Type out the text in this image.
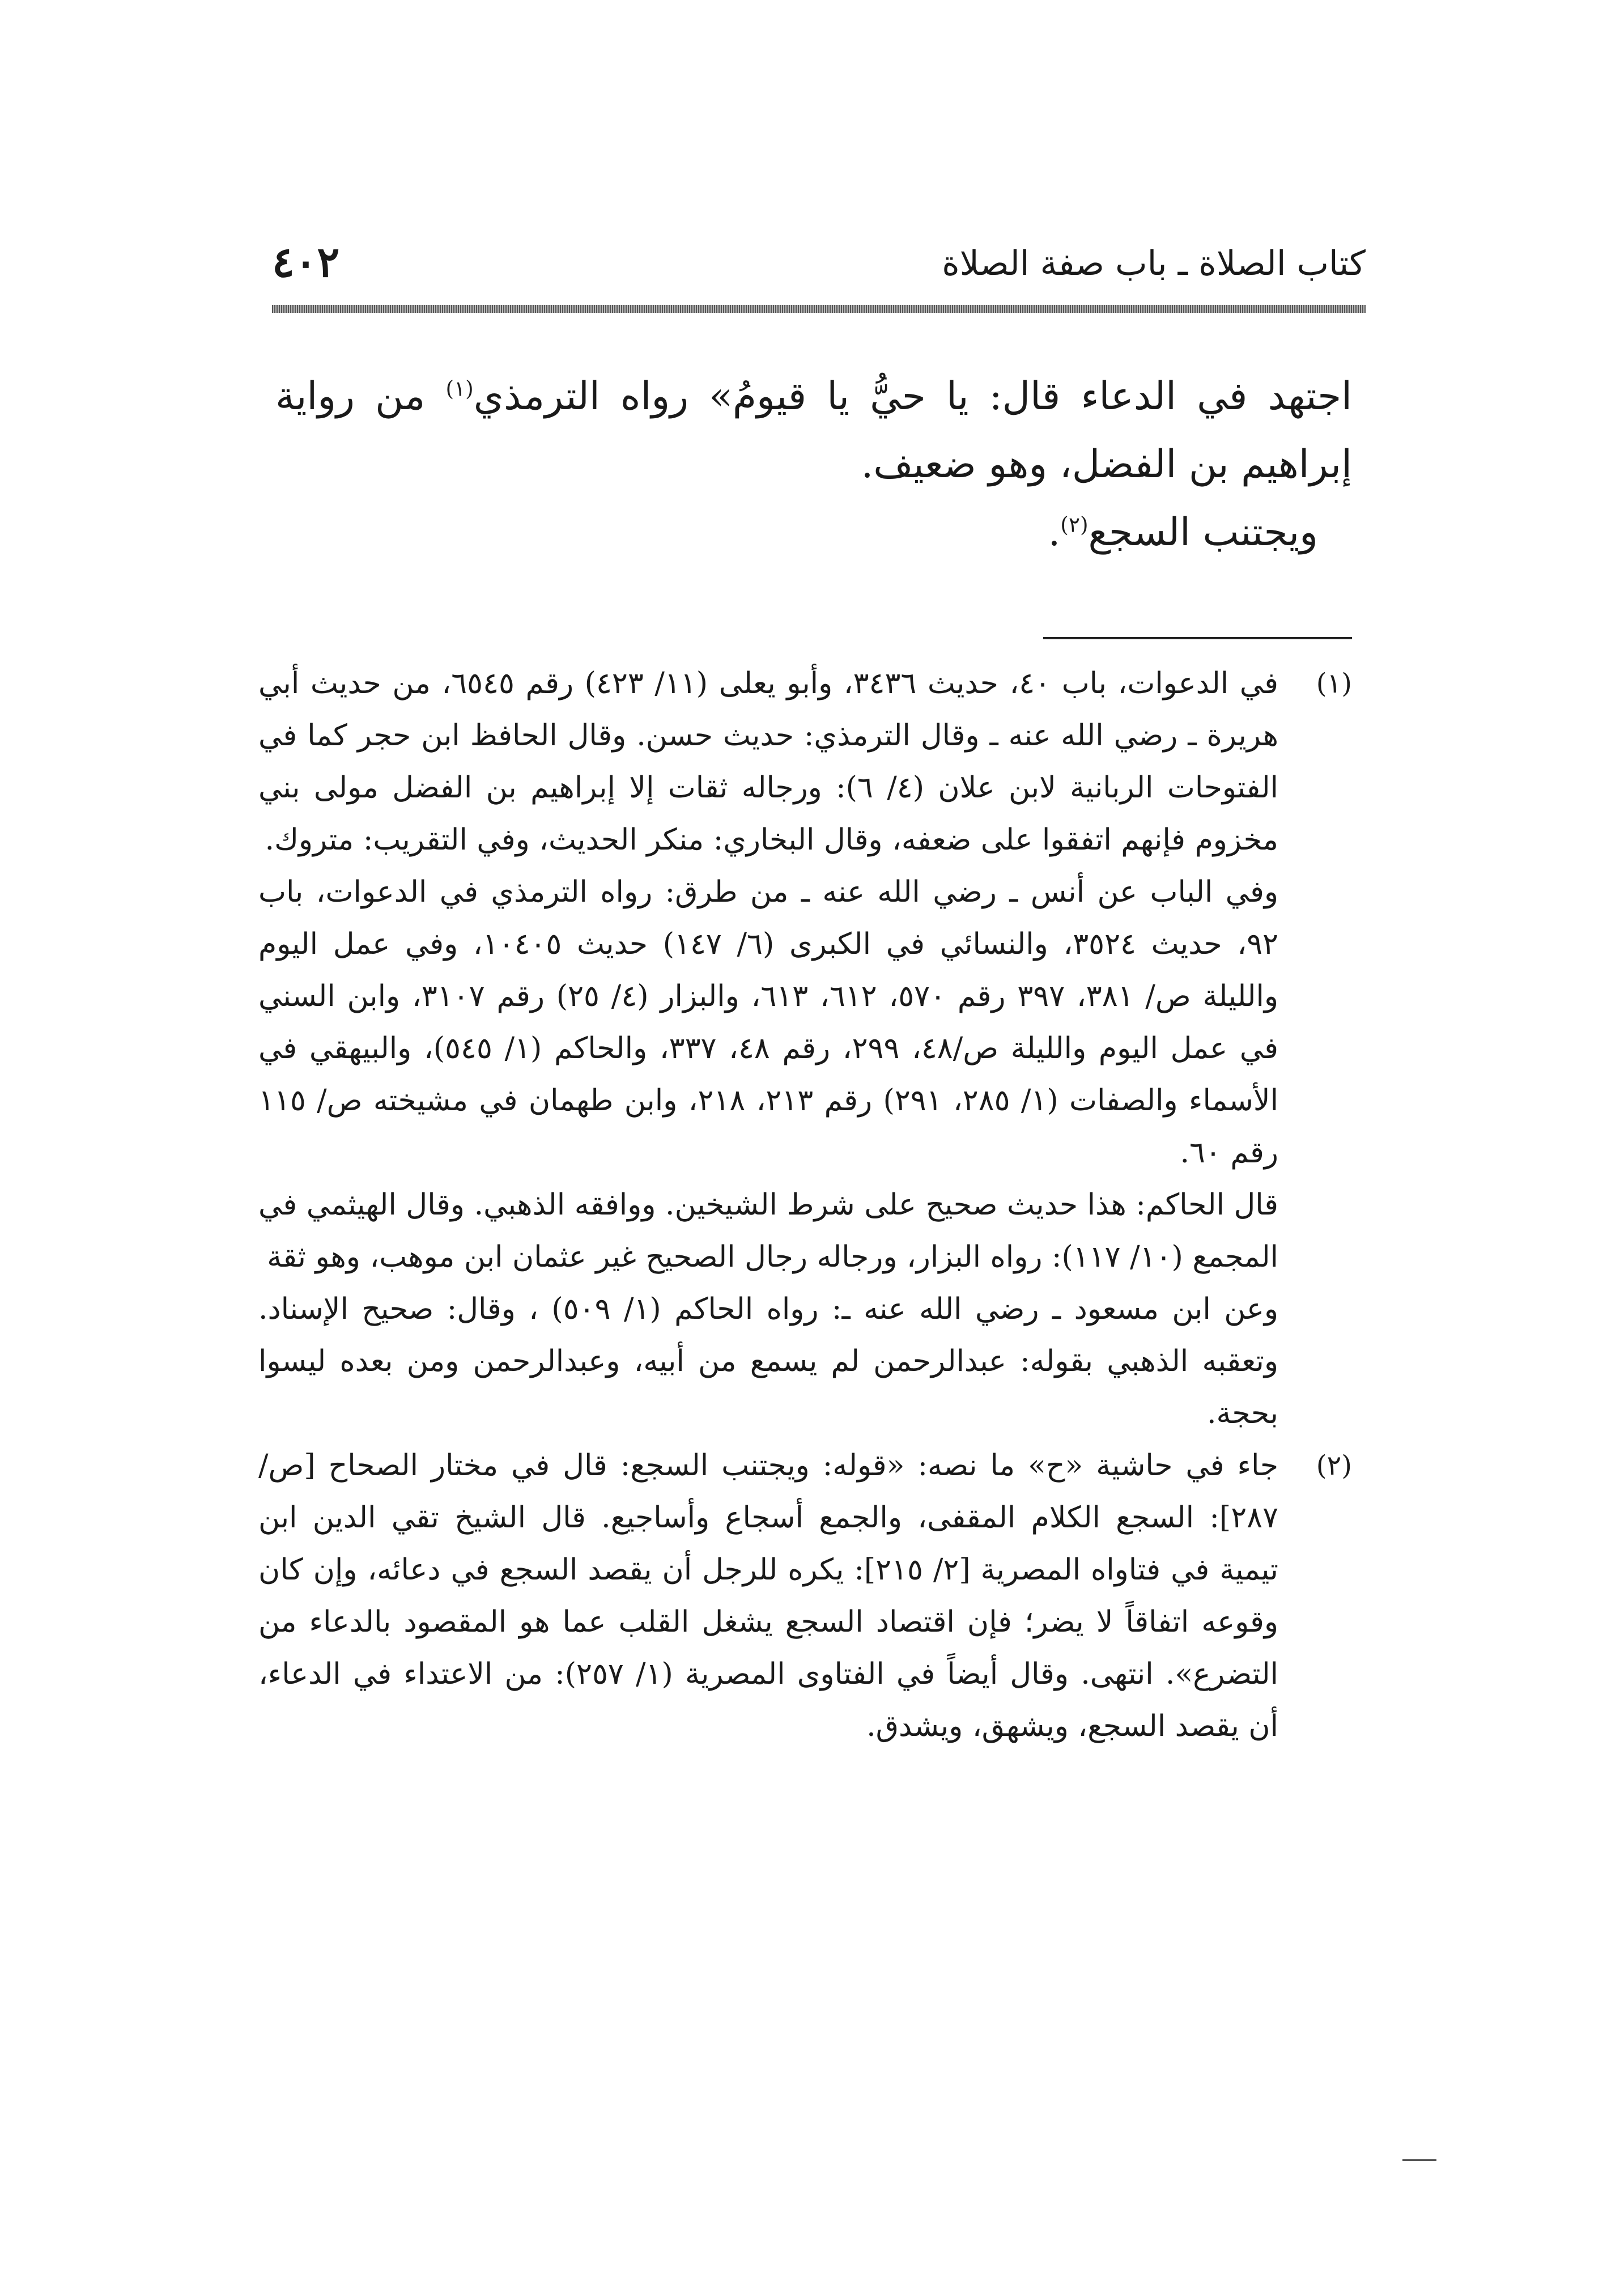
٤٠٢	كتاب الصلاة ـ باب صفة الصلاة

اجتهد في الدعاء قال: يا حيُّ يا قيومُ» رواه الترمذي$^{(١)}$ من رواية إبراهيم بن الفضل، وهو ضعيف.

ويجتنب السجع$^{(٢)}$.

(١)

في الدعوات، باب ٤٠، حديث ٣٤٣٦، وأبو يعلى (١١/ ٤٢٣) رقم ٦٥٤٥، من حديث أبي هريرة ـ رضي الله عنه ـ وقال الترمذي: حديث حسن. وقال الحافظ ابن حجر كما في الفتوحات الربانية لابن علان (٤/ ٦): ورجاله ثقات إلا إبراهيم بن الفضل مولى بني مخزوم فإنهم اتفقوا على ضعفه، وقال البخاري: منكر الحديث، وفي التقريب: متروك.

وفي الباب عن أنس ـ رضي الله عنه ـ من طرق: رواه الترمذي في الدعوات، باب ٩٢، حديث ٣٥٢٤، والنسائي في الكبرى (٦/ ١٤٧) حديث ١٠٤٠٥، وفي عمل اليوم والليلة ص/ ٣٨١، ٣٩٧ رقم ٥٧٠، ٦١٢، ٦١٣، والبزار (٤/ ٢٥) رقم ٣١٠٧، وابن السني في عمل اليوم والليلة ص/٤٨، ٢٩٩، رقم ٤٨، ٣٣٧، والحاكم (١/ ٥٤٥)، والبيهقي في الأسماء والصفات (١/ ٢٨٥، ٢٩١) رقم ٢١٣، ٢١٨، وابن طهمان في مشيخته ص/ ١١٥ رقم ٦٠.

قال الحاكم: هذا حديث صحيح على شرط الشيخين. ووافقه الذهبي. وقال الهيثمي في المجمع (١٠/ ١١٧): رواه البزار، ورجاله رجال الصحيح غير عثمان ابن موهب، وهو ثقة

وعن ابن مسعود ـ رضي الله عنه ـ: رواه الحاكم (١/ ٥٠٩) ، وقال: صحيح الإسناد. وتعقبه الذهبي بقوله: عبدالرحمن لم يسمع من أبيه، وعبدالرحمن ومن بعده ليسوا بحجة.

(٢)

جاء في حاشية «ح» ما نصه: «قوله: ويجتنب السجع: قال في مختار الصحاح [ص/ ٢٨٧]: السجع الكلام المقفى، والجمع أسجاع وأساجيع. قال الشيخ تقي الدين ابن تيمية في فتاواه المصرية [٢/ ٢١٥]: يكره للرجل أن يقصد السجع في دعائه، وإن كان وقوعه اتفاقاً لا يضر؛ فإن اقتصاد السجع يشغل القلب عما هو المقصود بالدعاء من التضرع». انتهى. وقال أيضاً في الفتاوى المصرية (١/ ٢٥٧): من الاعتداء في الدعاء، أن يقصد السجع، ويشهق، ويشدق.
